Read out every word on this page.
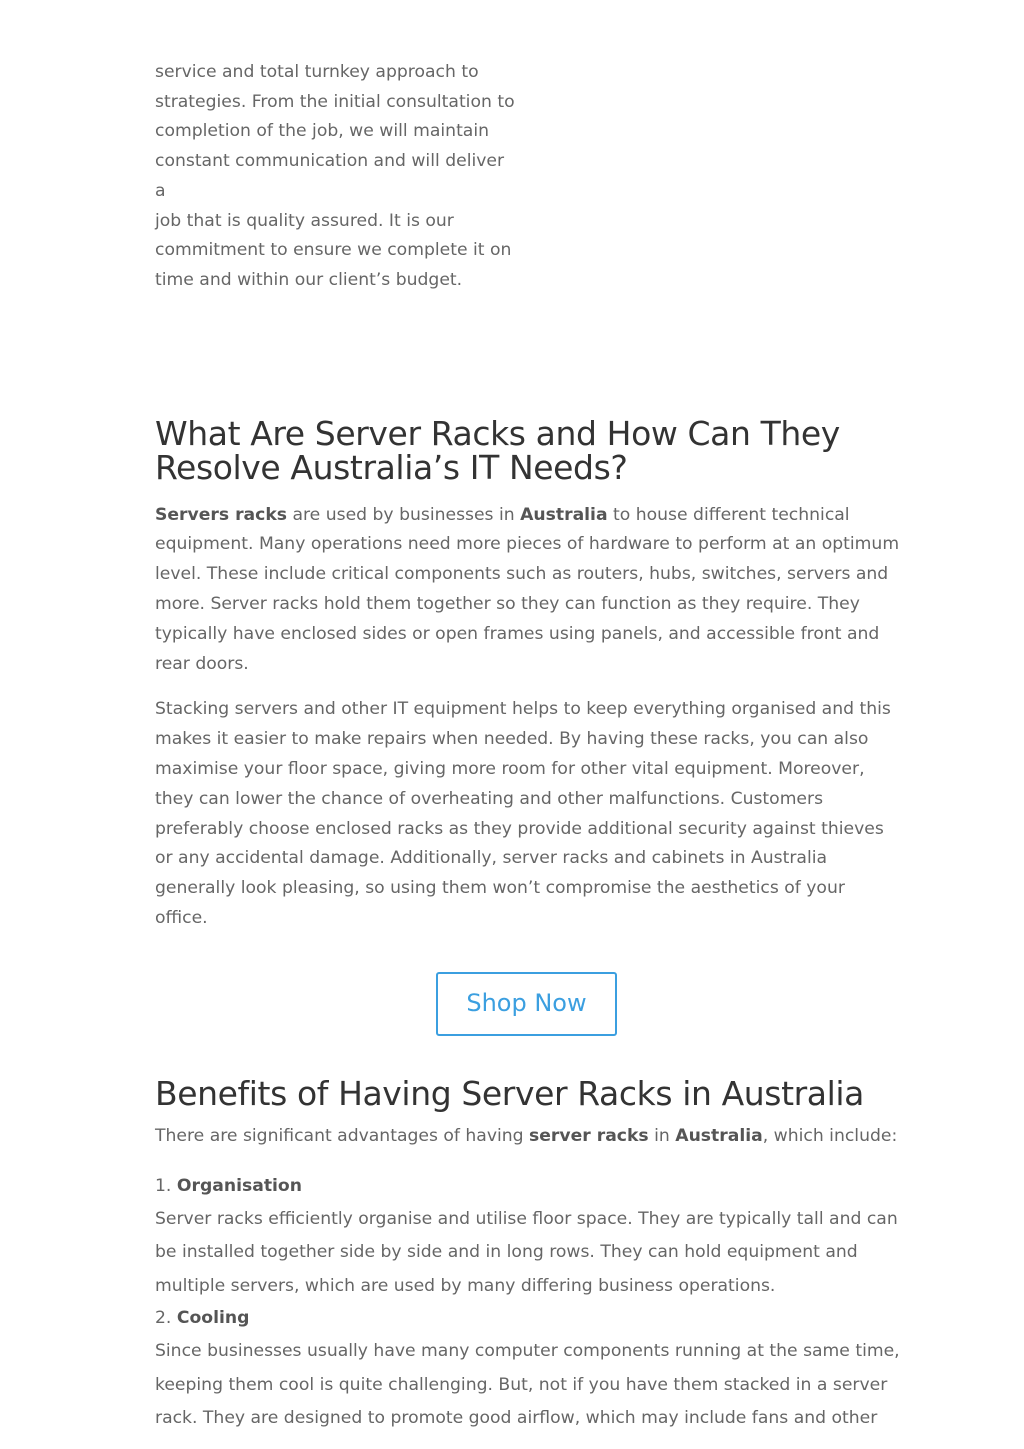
service and total turnkey approach to
strategies. From the initial consultation to
completion of the job, we will maintain
constant communication and will deliver a
job that is quality assured. It is our
commitment to ensure we complete it on
time and within our client’s budget.

What Are Server Racks and How Can They
Resolve Australia’s IT Needs?

Servers racks are used by businesses in Australia to house different technical equipment. Many operations need more pieces of hardware to perform at an optimum level. These include critical components such as routers, hubs, switches, servers and more. Server racks hold them together so they can function as they require. They typically have enclosed sides or open frames using panels, and accessible front and rear doors.

Stacking servers and other IT equipment helps to keep everything organised and this makes it easier to make repairs when needed. By having these racks, you can also maximise your floor space, giving more room for other vital equipment. Moreover, they can lower the chance of overheating and other malfunctions. Customers preferably choose enclosed racks as they provide additional security against thieves or any accidental damage. Additionally, server racks and cabinets in Australia generally look pleasing, so using them won’t compromise the aesthetics of your office.

Shop Now
Benefits of Having Server Racks in Australia

There are significant advantages of having server racks in Australia, which include:

1. Organisation
Server racks efficiently organise and utilise floor space. They are typically tall and can be installed together side by side and in long rows. They can hold equipment and multiple servers, which are used by many differing business operations.
2. Cooling
Since businesses usually have many computer components running at the same time, keeping them cool is quite challenging. But, not if you have them stacked in a server rack. They are designed to promote good airflow, which may include fans and other
